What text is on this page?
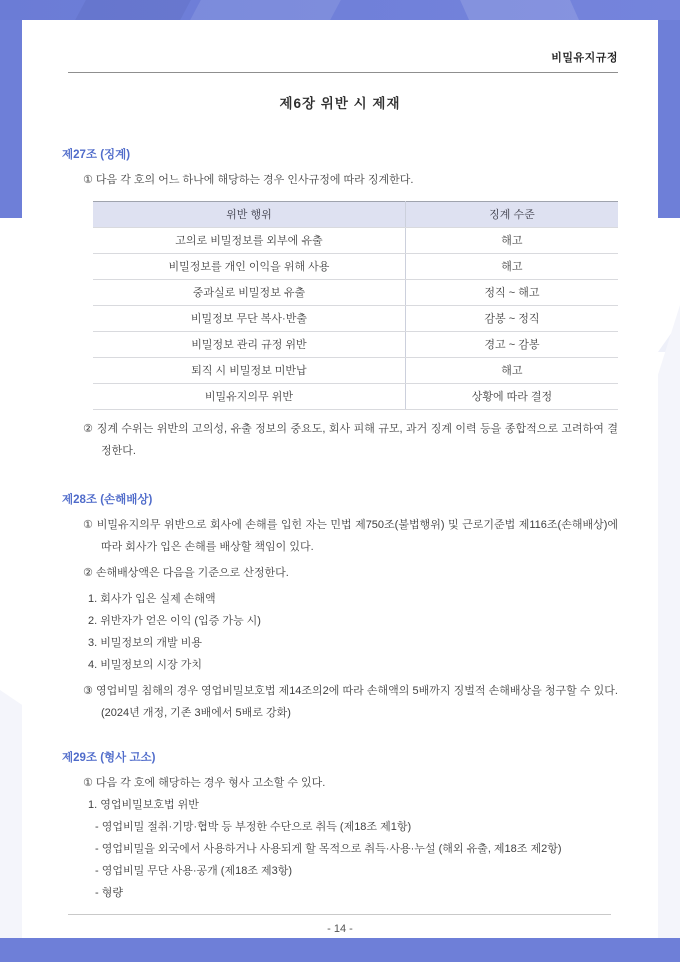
비밀유지규정
제6장 위반 시 제재
제27조 (징계)
① 다음 각 호의 어느 하나에 해당하는 경우 인사규정에 따라 징계한다.
위반 행위	징계 수준
고의로 비밀정보를 외부에 유출	해고
비밀정보를 개인 이익을 위해 사용	해고
중과실로 비밀정보 유출	정직 ~ 해고
비밀정보 무단 복사·반출	감봉 ~ 정직
비밀정보 관리 규정 위반	경고 ~ 감봉
퇴직 시 비밀정보 미반납	해고
비밀유지의무 위반	상황에 따라 결정
② 징계 수위는 위반의 고의성, 유출 정보의 중요도, 회사 피해 규모, 과거 징계 이력 등을 종합적으로 고려하여 결정한다.
제28조 (손해배상)
① 비밀유지의무 위반으로 회사에 손해를 입힌 자는 민법 제750조(불법행위) 및 근로기준법 제116조(손해배상)에 따라 회사가 입은 손해를 배상할 책임이 있다.
② 손해배상액은 다음을 기준으로 산정한다.
1. 회사가 입은 실제 손해액
2. 위반자가 얻은 이익 (입증 가능 시)
3. 비밀정보의 개발 비용
4. 비밀정보의 시장 가치
③ 영업비밀 침해의 경우 영업비밀보호법 제14조의2에 따라 손해액의 5배까지 징벌적 손해배상을 청구할 수 있다. (2024년 개정, 기존 3배에서 5배로 강화)
제29조 (형사 고소)
① 다음 각 호에 해당하는 경우 형사 고소할 수 있다.
1. 영업비밀보호법 위반
- 영업비밀 절취·기망·협박 등 부정한 수단으로 취득 (제18조 제1항)
- 영업비밀을 외국에서 사용하거나 사용되게 할 목적으로 취득·사용·누설 (해외 유출, 제18조 제2항)
- 영업비밀 무단 사용·공개 (제18조 제3항)
- 형량
- 14 -
